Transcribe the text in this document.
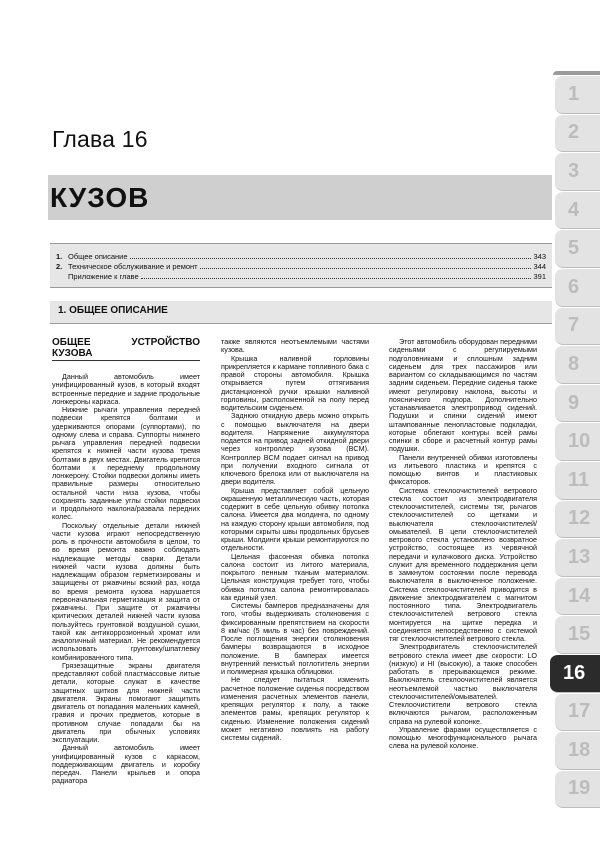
Глава 16
КУЗОВ
1. Общее описание	343
2. Техническое обслуживание и ремонт	344
Приложение к главе	391
1. ОБЩЕЕ ОПИСАНИЕ
ОБЩЕЕ УСТРОЙСТВО КУЗОВА

Данный автомобиль имеет унифицированный кузов, в который входят встроенные передние и задние продольные лонжероны каркаса.

Нижние рычаги управления передней подвески крепятся болтами и удерживаются опорами (суппортами), по одному слева и справа. Суппорты нижнего рычага управления передней подвески крепятся к нижней части кузова тремя болтами в двух местах. Двигатель крепится болтами к переднему продольному лонжерону. Стойки подвески должны иметь правильные размеры относительно остальной части низа кузова, чтобы сохранять заданные углы стойки подвески и продольного наклона/развала передних колес.

Поскольку отдельные детали нижней части кузова играют непосредственную роль в прочности автомобиля в целом, то во время ремонта важно соблюдать надлежащие методы сварки. Детали нижней части кузова должны быть надлежащим образом герметизированы и защищены от ржавчины всякий раз, когда во время ремонта кузова нарушается первоначальная герметизация и защита от ржавчины. При защите от ржавчины критических деталей нижней части кузова пользуйтесь грунтовкой воздушной сушки, такой как антикоррозионный хромат или аналогичный материал. Не рекомендуется использовать грунтовку/шпатлевку комбинированного типа.

Грязезащитные экраны двигателя представляют собой пластмассовые литые детали, которые служат в качестве защитных щитков для нижней части двигателя. Экраны помогают защитить двигатель от попадания маленьких камней, гравия и прочих предметов, которые в противном случае попадали бы на двигатель при обычных условиях эксплуатации.

Данный автомобиль имеет унифицированный кузов с каркасом, поддерживающим двигатель и коробку передач. Панели крыльев и опора радиатора

также являются неотъемлемыми частями кузова.

Крышка наливной горловины прикрепляется к кармане топливного бака с правой стороны автомобиля. Крышка открывается путем оттягивания дистанционной ручки крышки наливной горловины, расположенной на полу перед водительским сиденьем.

Заднюю откидную дверь можно открыть с помощью выключателя на двери водителя. Напряжение аккумулятора подается на привод задней откидной двери через контроллер кузова (BCM). Контроллер BCM подает сигнал на привод при получении входного сигнала от ключевого брелока или от выключателя на двери водителя.

Крыша представляет собой цельную окрашенную металлическую часть, которая содержит в себе цельную обивку потолка салона. Имеется два молдинга, по одному на каждую сторону крыши автомобиля, под которыми скрыты швы продольных брусьев крыши. Молдинги крыши ремонтируются по отдельности.

Цельная фасонная обивка потолка салона состоит из литого материала, покрытого пенным тканым материалом. Цельная конструкция требует того, чтобы обивка потолка салона ремонтировалась как единый узел.

Системы бамперов предназначены для того, чтобы выдерживать столкновения с фиксированным препятствием на скорости 8 км/час (5 миль в час) без повреждений. После поглощения энергии столкновения бамперы возвращаются в исходное положение. В бамперах имеется внутренний пенистый поглотитель энергии и полимерная крышка облицовки.

Не следует пытаться изменить расчетное положение сиденья посредством изменения расчетных элементов панели, крепящих регулятор к полу, а также элементов рамы, крепящих регулятор к сиденью. Изменение положения сидений может негативно повлиять на работу системы сидений.

Этот автомобиль оборудован передними сиденьями с регулируемыми подголовниками и сплошным задним сиденьем для трех пассажиров или вариантом со складывающимся по частям задним сиденьем. Передние сиденья также имеют регулировку наклона, высоты и поясничного подпора. Дополнительно устанавливается электропривод сидений. Подушки и спинки сидений имеют штампованные пенопластовые подкладки, которые облегают контуры всей рамы спинки в сборе и расчетный контур рамы подушки.

Панели внутренней обивки изготовлены из литьевого пластика и крепятся с помощью винтов и пластиковых фиксаторов.

Система стеклоочистителей ветрового стекла состоит из электродвигателя стеклоочистителей, системы тяг, рычагов стеклоочистителей со щетками и выключателя стеклоочистителей/омывателей. В цепи стеклоочистителей ветрового стекла установлено возвратное устройство, состоящее из червячной передачи и кулачкового диска. Устройство служит для временного поддержания цепи в замкнутом состоянии после перевода выключателя в выключенное положение. Система стеклоочистителей приводится в движение электродвигателем с магнитом постоянного типа. Электродвигатель стеклоочистителей ветрового стекла монтируется на щитке передка и соединяется непосредственно с системой тяг стеклоочистителей ветрового стекла.

Электродвигатель стеклоочистителей ветрового стекла имеет две скорости: LO (низкую) и HI (высокую), а также способен работать в прерывающемся режиме. Выключатель стеклоочистителей является неотъемлемой частью выключателя стеклоочистителей/омывателей. Стеклоочистители ветрового стекла включаются рычагом, расположенным справа на рулевой колонке.

Управление фарами осуществляется с помощью многофункционального рычага слева на рулевой колонке.

1
2
3
4
5
6
7
8
9
10
11
12
13
14
15
16
17
18
19
